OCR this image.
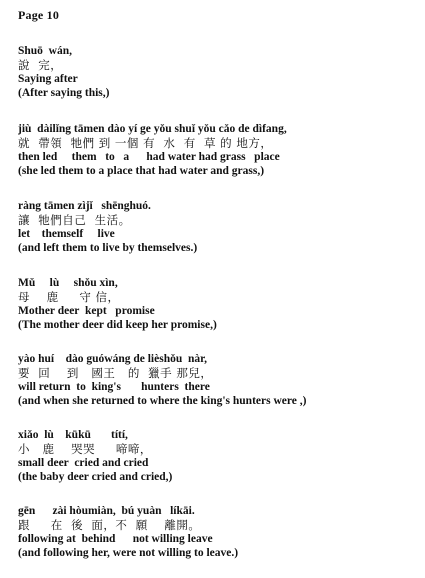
Page 10
Shuō  wán,
說  完，
Saying after
(After saying this,)
jiù  dàilǐng tāmen dào yí ge yǒu shuǐ yǒu cǎo de dìfang,
就  帶領  牠們 到 一個 有  水  有  草 的 地方，
then led     them   to   a      had water had grass   place
(she led them to a place that had water and grass,)
ràng tāmen zìjǐ   shēnghuó.
讓  牠們自己  生活。
let    themself     live
(and left them to live by themselves.)
Mǔ     lù     shǒu xìn,
母    鹿     守 信，
Mother deer  kept   promise
(The mother deer did keep her promise,)
yào huí    dào guówáng de lièshǒu  nàr,
要  回    到   國王   的  獵手 那兒，
will return  to  king's       hunters  there
(and when she returned to where the king's hunters were ,)
xiǎo  lù    kūkū       títí,
小   鹿    哭哭     啼啼，
small deer  cried and cried
(the baby deer cried and cried,)
gēn      zài hòumiàn,  bú yuàn   líkāi.
跟     在  後  面，不  願    離開。
following at  behind      not willing leave
(and following her, were not willing to leave.)
